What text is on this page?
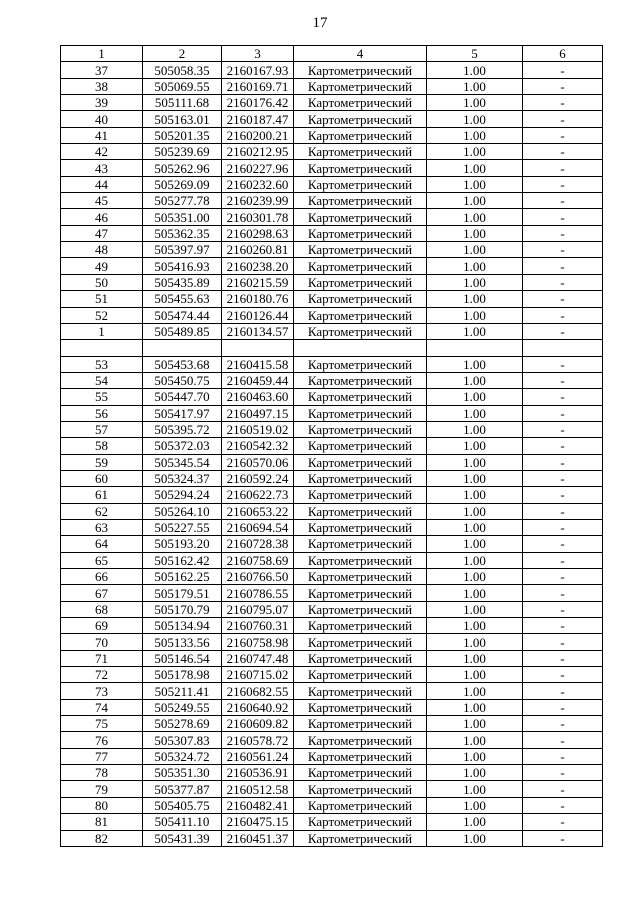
17
1	2	3	4	5	6
37	505058.35	2160167.93	Картометрический	1.00	-
38	505069.55	2160169.71	Картометрический	1.00	-
39	505111.68	2160176.42	Картометрический	1.00	-
40	505163.01	2160187.47	Картометрический	1.00	-
41	505201.35	2160200.21	Картометрический	1.00	-
42	505239.69	2160212.95	Картометрический	1.00	-
43	505262.96	2160227.96	Картометрический	1.00	-
44	505269.09	2160232.60	Картометрический	1.00	-
45	505277.78	2160239.99	Картометрический	1.00	-
46	505351.00	2160301.78	Картометрический	1.00	-
47	505362.35	2160298.63	Картометрический	1.00	-
48	505397.97	2160260.81	Картометрический	1.00	-
49	505416.93	2160238.20	Картометрический	1.00	-
50	505435.89	2160215.59	Картометрический	1.00	-
51	505455.63	2160180.76	Картометрический	1.00	-
52	505474.44	2160126.44	Картометрический	1.00	-
1	505489.85	2160134.57	Картометрический	1.00	-

53	505453.68	2160415.58	Картометрический	1.00	-
54	505450.75	2160459.44	Картометрический	1.00	-
55	505447.70	2160463.60	Картометрический	1.00	-
56	505417.97	2160497.15	Картометрический	1.00	-
57	505395.72	2160519.02	Картометрический	1.00	-
58	505372.03	2160542.32	Картометрический	1.00	-
59	505345.54	2160570.06	Картометрический	1.00	-
60	505324.37	2160592.24	Картометрический	1.00	-
61	505294.24	2160622.73	Картометрический	1.00	-
62	505264.10	2160653.22	Картометрический	1.00	-
63	505227.55	2160694.54	Картометрический	1.00	-
64	505193.20	2160728.38	Картометрический	1.00	-
65	505162.42	2160758.69	Картометрический	1.00	-
66	505162.25	2160766.50	Картометрический	1.00	-
67	505179.51	2160786.55	Картометрический	1.00	-
68	505170.79	2160795.07	Картометрический	1.00	-
69	505134.94	2160760.31	Картометрический	1.00	-
70	505133.56	2160758.98	Картометрический	1.00	-
71	505146.54	2160747.48	Картометрический	1.00	-
72	505178.98	2160715.02	Картометрический	1.00	-
73	505211.41	2160682.55	Картометрический	1.00	-
74	505249.55	2160640.92	Картометрический	1.00	-
75	505278.69	2160609.82	Картометрический	1.00	-
76	505307.83	2160578.72	Картометрический	1.00	-
77	505324.72	2160561.24	Картометрический	1.00	-
78	505351.30	2160536.91	Картометрический	1.00	-
79	505377.87	2160512.58	Картометрический	1.00	-
80	505405.75	2160482.41	Картометрический	1.00	-
81	505411.10	2160475.15	Картометрический	1.00	-
82	505431.39	2160451.37	Картометрический	1.00	-
